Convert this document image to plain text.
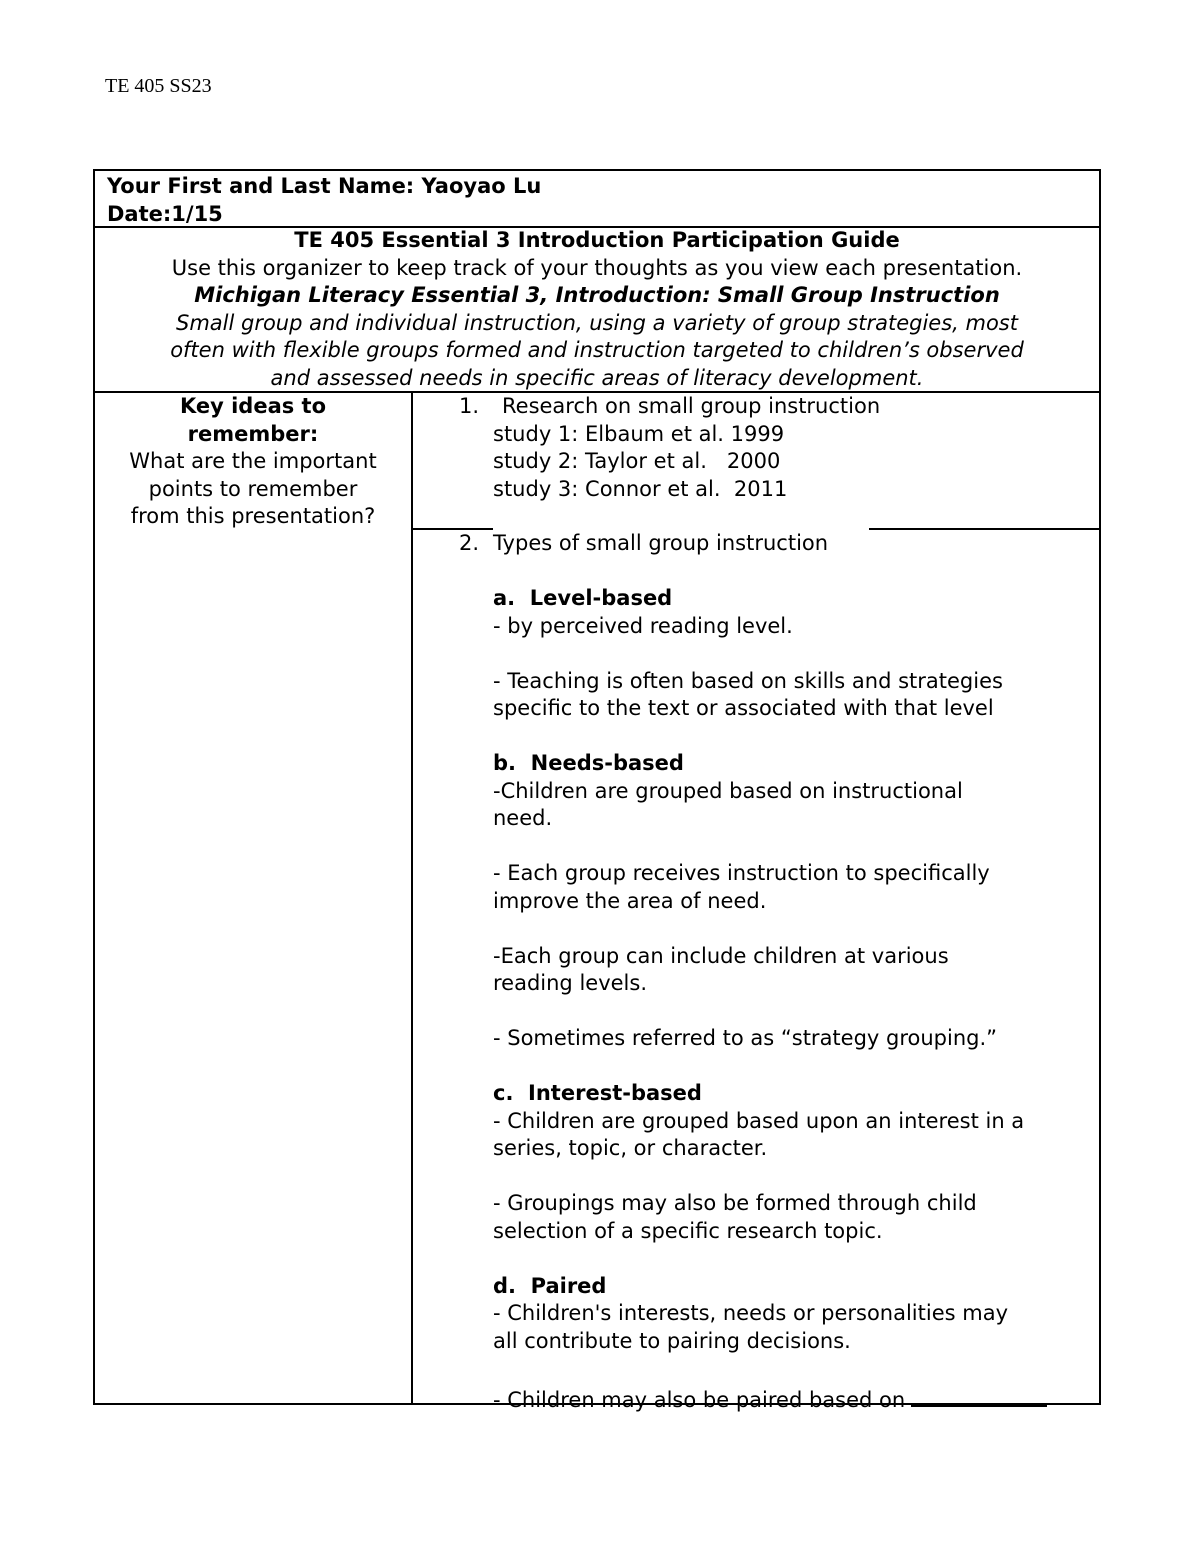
TE 405 SS23
Your First and Last Name: Yaoyao Lu
Date:1/15
TE 405 Essential 3 Introduction Participation Guide
Use this organizer to keep track of your thoughts as you view each presentation.
Michigan Literacy Essential 3, Introduction: Small Group Instruction
Small group and individual instruction, using a variety of group strategies, most
often with flexible groups formed and instruction targeted to children’s observed
and assessed needs in specific areas of literacy development.
Key ideas to
remember:
What are the important
points to remember
from this presentation?
1. Research on small group instruction
study 1: Elbaum et al. 1999
study 2: Taylor et al.   2000
study 3: Connor et al.  2011
2. Types of small group instruction
a.  Level-based
- by perceived reading level.

- Teaching is often based on skills and strategies
specific to the text or associated with that level

b.  Needs-based
-Children are grouped based on instructional
need.

- Each group receives instruction to specifically
improve the area of need.

-Each group can include children at various
reading levels.

- Sometimes referred to as “strategy grouping.”

c.  Interest-based
- Children are grouped based upon an interest in a
series, topic, or character.

- Groupings may also be formed through child
selection of a specific research topic.

d.  Paired
- Children's interests, needs or personalities may
all contribute to pairing decisions.

- Children may also be paired based on
